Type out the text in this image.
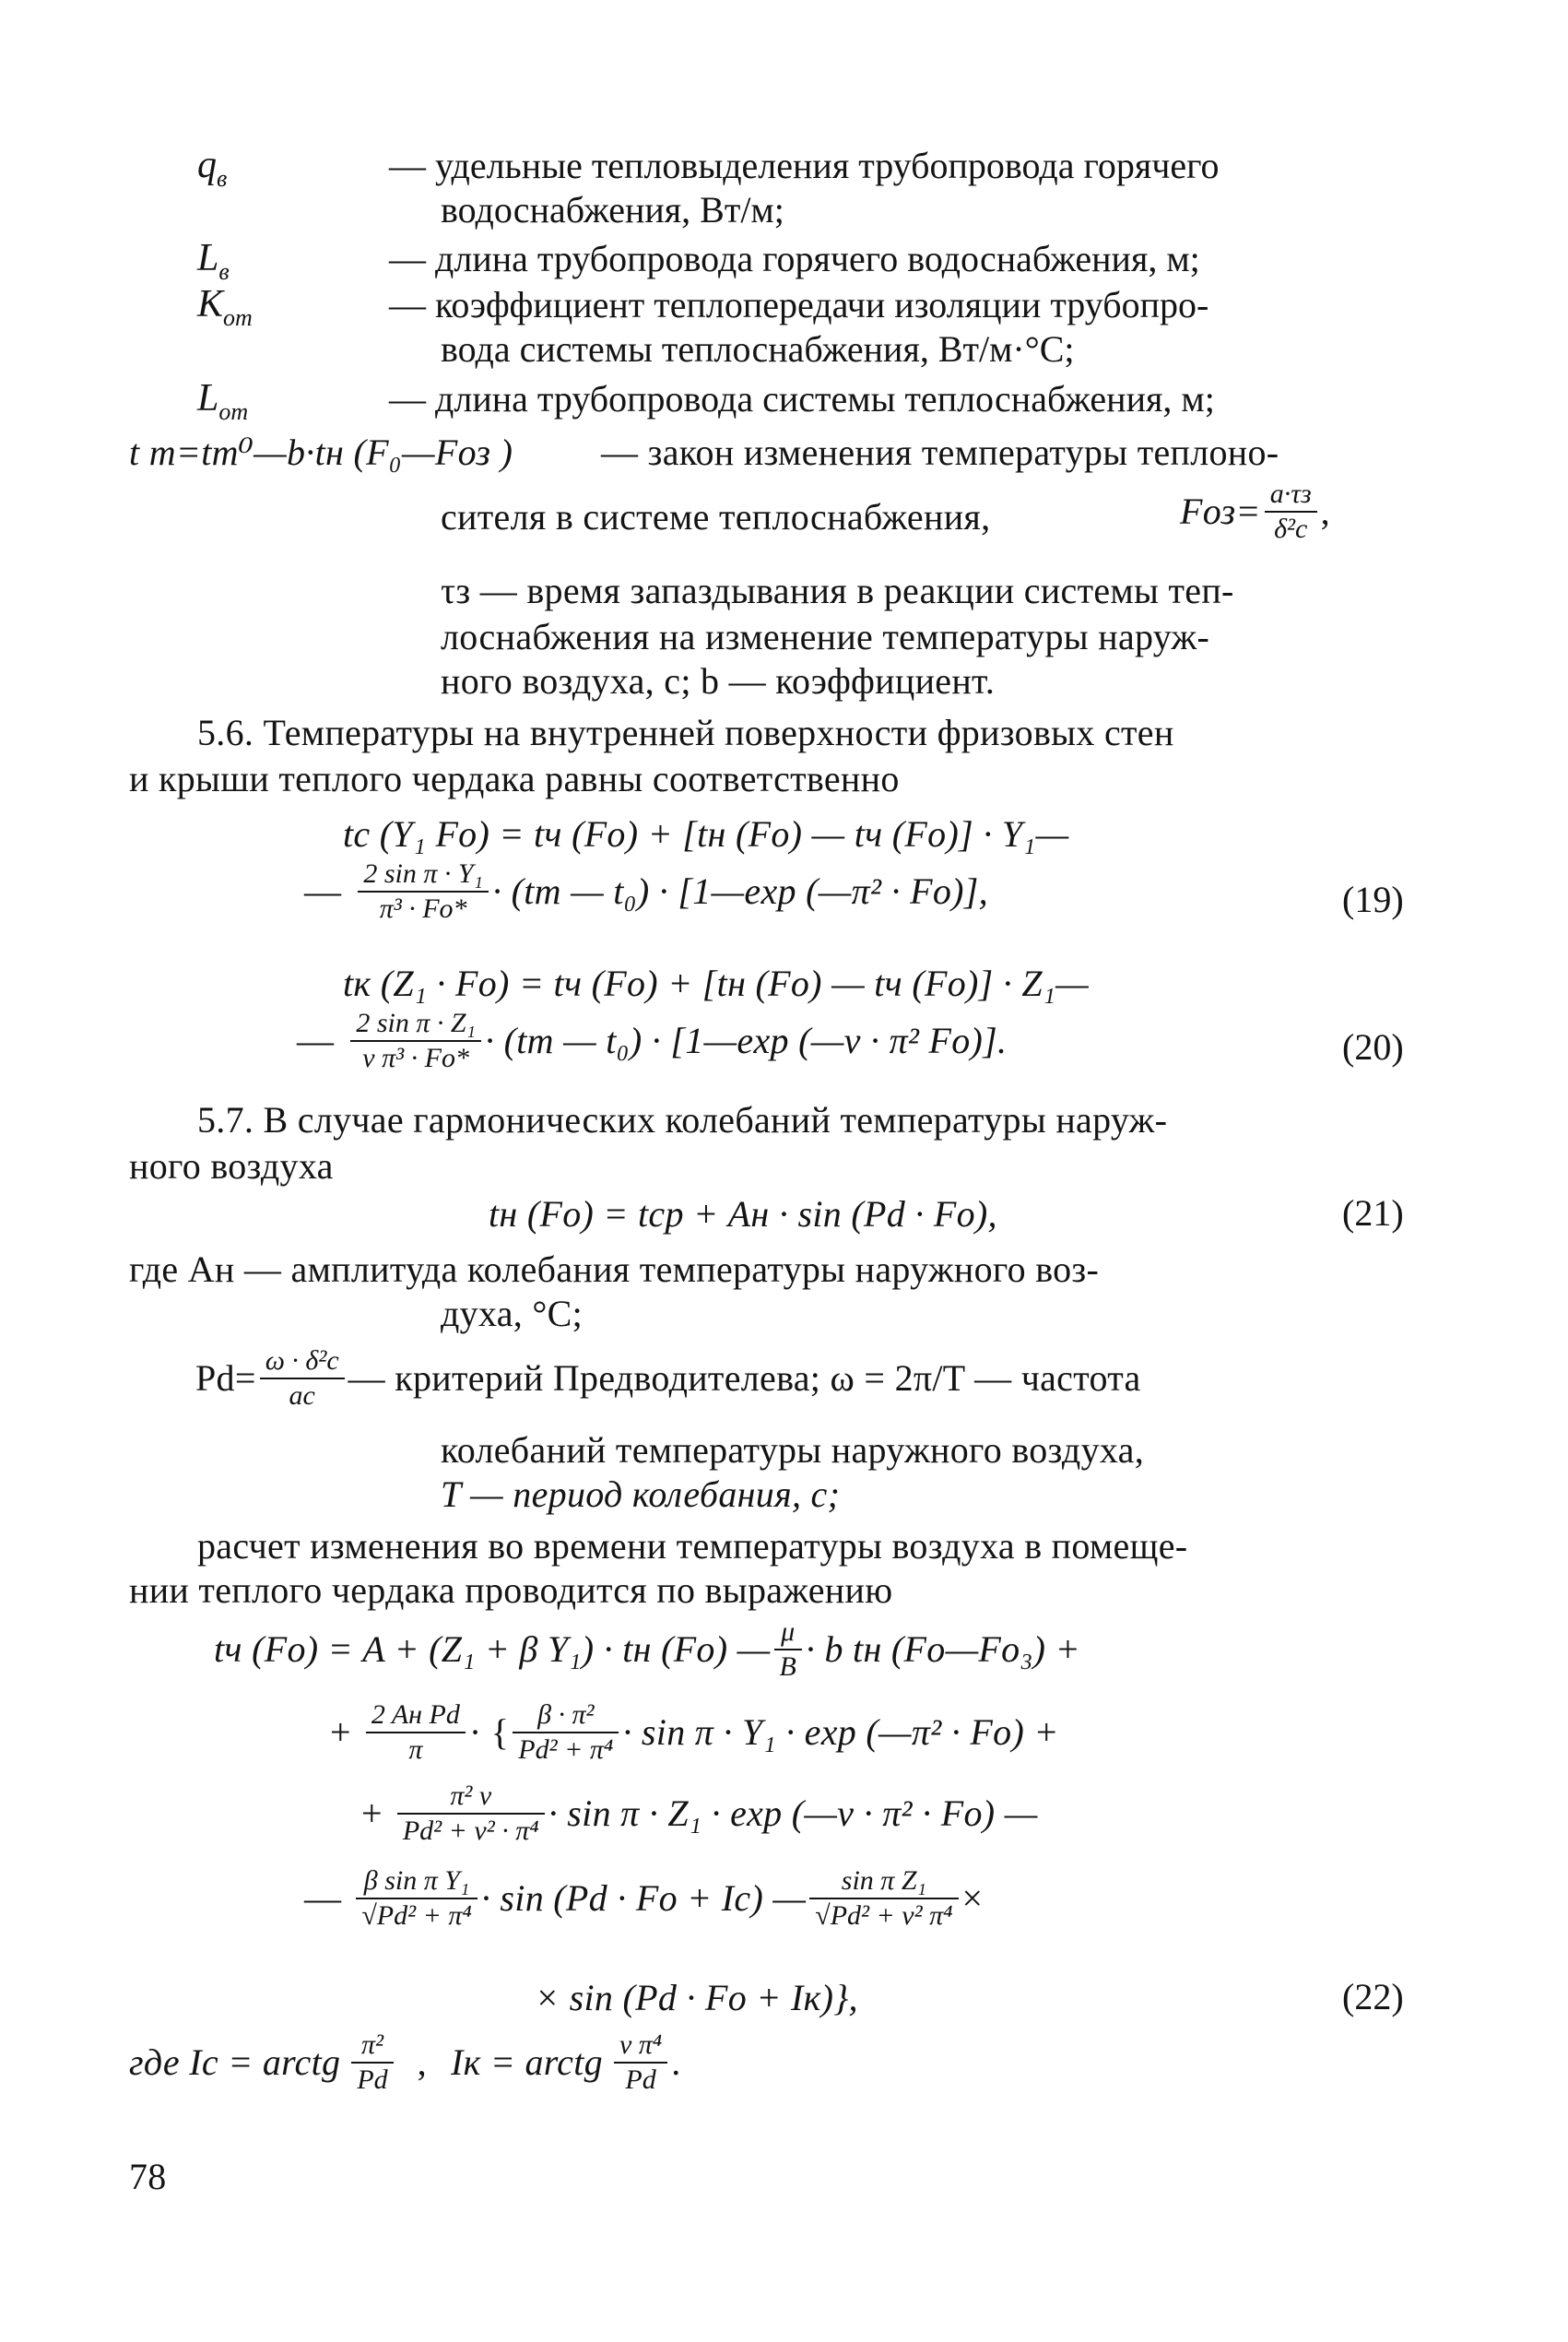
qв	— удельные тепловыделения трубопровода горячего
водоснабжения, Вт/м;
Lв	— длина трубопровода горячего водоснабжения, м;
Kот	— коэффициент теплопередачи изоляции трубопро-
вода системы теплоснабжения, Вт/м·°С;
Lот	— длина трубопровода системы теплоснабжения, м;
t т=tт⁰—b·tн (F₀—Fоз ) — закон изменения температуры теплоно-
сителя в системе теплоснабжения,	$Fоз= \frac{a\cdot\tau з}{\text{δ²c}}$ ,
τз — время запаздывания в реакции системы теп-
лоснабжения на изменение температуры наруж-
ного воздуха, с; b — коэффициент.
5.6. Температуры на внутренней поверхности фризовых стен
и крыши теплого чердака равны соответственно
tс (Y₁ Fo) = tч (Fo) + [tн (Fo) — tч (Fo)] · Y₁—
— $\frac{\text{2 sin π · Y₁}}{\text{π³ · Fo*}} \cdot (tm$ — t₀) · [1—exp (—π² · Fo)],	(19)
tк (Z₁ · Fo) = tч (Fo) + [tн (Fo) — tч (Fo)] · Z₁—
— $\frac{\text{2 sin π · Z₁}}{\text{ν π³ · Fo*}} \cdot (tm$ — t₀) · [1—exp (—ν · π² Fo)].	(20)
5.7. В случае гармонических колебаний температуры наруж-
ного воздуха
tн (Fo) = tср + Aн · sin (Pd · Fo),	(21)
где Aн — амплитуда колебания температуры наружного воз-
духа, °С;
$Pd= \frac{\text{ω · δ²c}}{ac}$ — критерий Предводителева; ω = 2π/T — частота
колебаний температуры наружного воздуха,
T — период колебания, с;
расчет изменения во времени температуры воздуха в помеще-
нии теплого чердака проводится по выражению
tч (Fo) = A + (Z₁ + β Y₁) · tн (Fo) — $\frac{\mu}{B} \cdot b$ tн (Fo—Fo₃) +
+ $\frac{\text{2 Aн Pd}}{\pi}$ · { $\frac{\text{β · π²}}{\text{Pd² + π⁴}} \cdot \sin \pi \cdot Y_1 \cdot \exp$ (—π² · Fo) +
+ $\frac{\text{π² ν}}{\text{Pd² + ν² · π⁴}} \cdot \sin \pi \cdot Z_1 \cdot \exp$ (—ν · π² · Fo) —
— $\frac{\text{β sin π Y₁}}{\text{√Pd² + π⁴}} \cdot \sin (Pd \cdot Fo + Iс)$ — $\frac{\text{sin π Z₁}}{\text{√Pd² + ν² π⁴}}$ ×
× sin (Pd · Fo + Iк)},	(22)
где Iс = arctg $\frac{\text{π²}}{Pd}$ , Iк = arctg $\frac{\text{ν π⁴}}{Pd}$ .
78
